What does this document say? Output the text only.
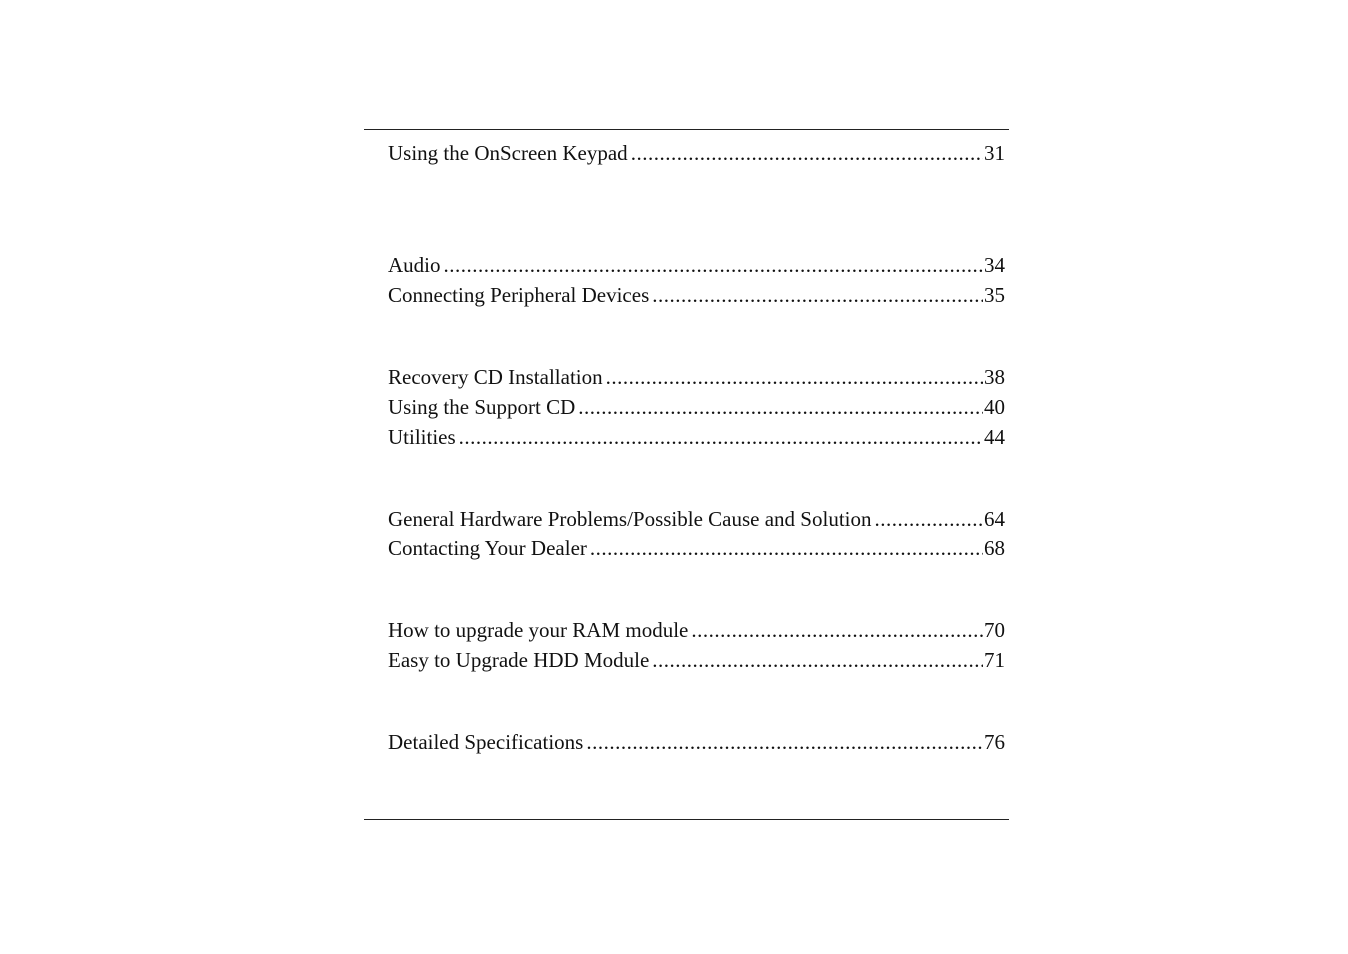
Using the OnScreen Keypad .....	31
Audio .....	34
Connecting Peripheral Devices .....	35
Recovery CD Installation .....	38
Using the Support CD .....	40
Utilities .....	44
General Hardware Problems/Possible Cause and Solution .....	64
Contacting Your Dealer .....	68
How to upgrade your RAM module .....	70
Easy to Upgrade HDD Module .....	71
Detailed Specifications .....	76
